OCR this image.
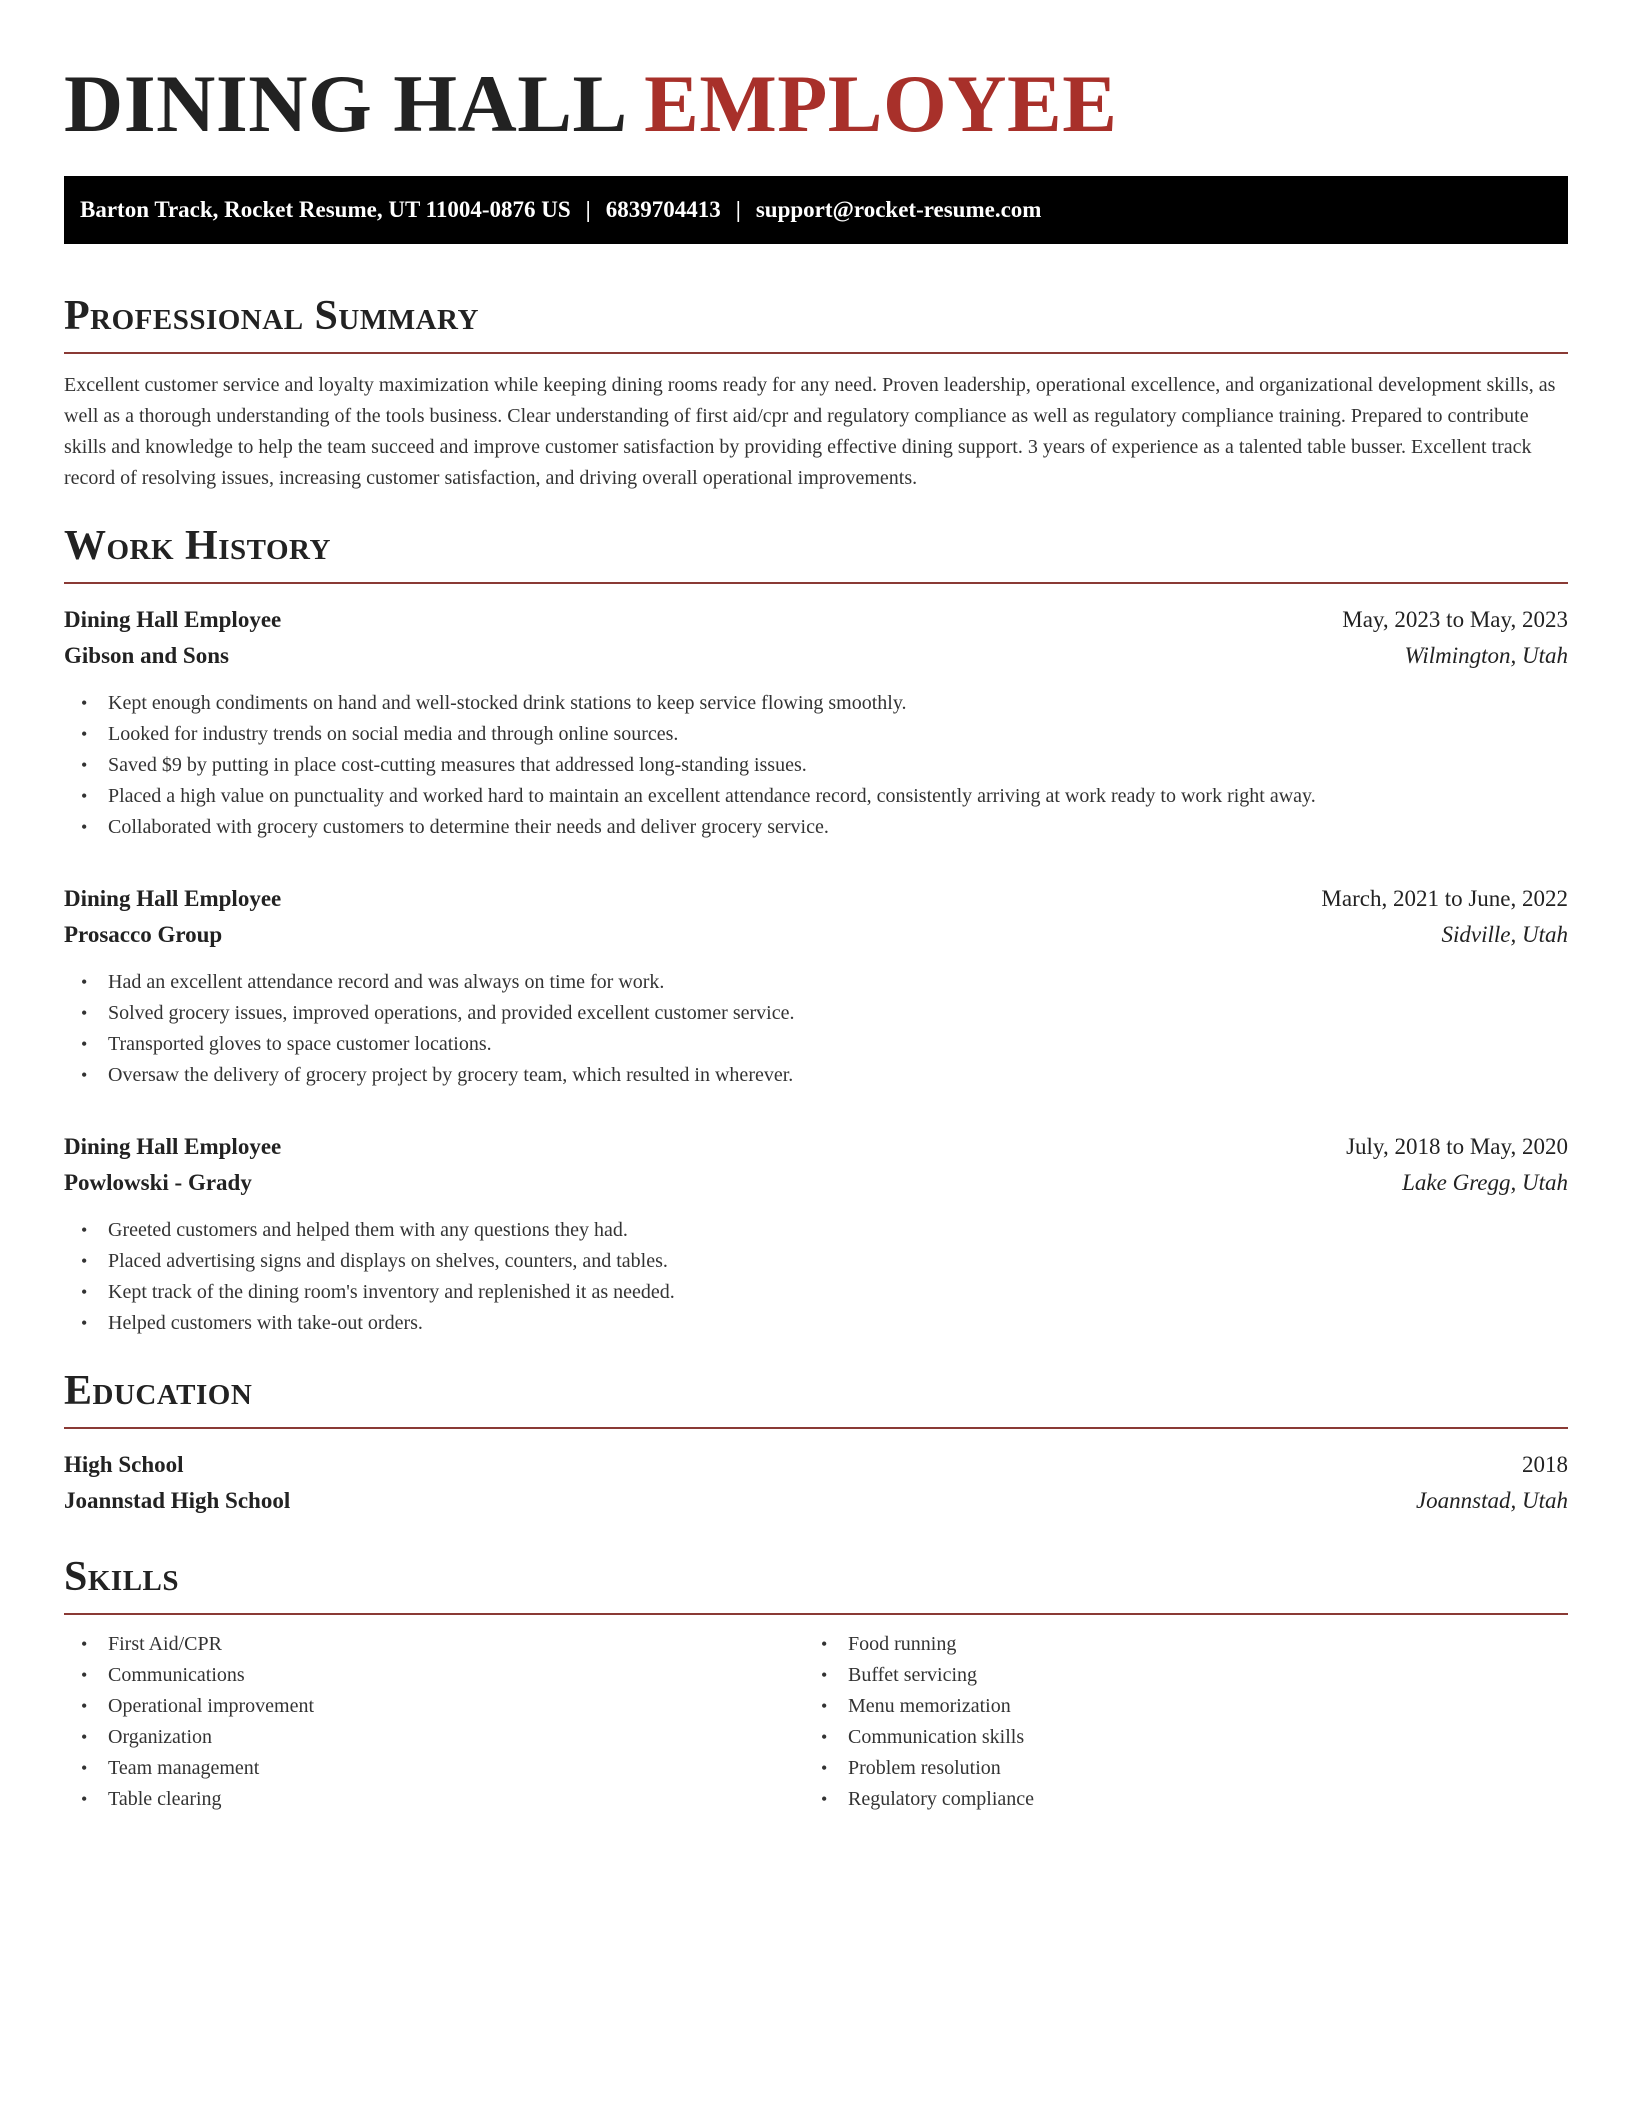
DINING HALL EMPLOYEE
Barton Track, Rocket Resume, UT 11004-0876 US | 6839704413 | support@rocket-resume.com
Professional Summary

Excellent customer service and loyalty maximization while keeping dining rooms ready for any need. Proven leadership, operational excellence, and organizational development skills, as well as a thorough understanding of the tools business. Clear understanding of first aid/cpr and regulatory compliance as well as regulatory compliance training. Prepared to contribute skills and knowledge to help the team succeed and improve customer satisfaction by providing effective dining support. 3 years of experience as a talented table busser. Excellent track record of resolving issues, increasing customer satisfaction, and driving overall operational improvements.

Work History
Dining Hall Employee	May, 2023 to May, 2023
Gibson and Sons	Wilmington, Utah
• Kept enough condiments on hand and well-stocked drink stations to keep service flowing smoothly.
• Looked for industry trends on social media and through online sources.
• Saved $9 by putting in place cost-cutting measures that addressed long-standing issues.
• Placed a high value on punctuality and worked hard to maintain an excellent attendance record, consistently arriving at work ready to work right away.
• Collaborated with grocery customers to determine their needs and deliver grocery service.
Dining Hall Employee	March, 2021 to June, 2022
Prosacco Group	Sidville, Utah
• Had an excellent attendance record and was always on time for work.
• Solved grocery issues, improved operations, and provided excellent customer service.
• Transported gloves to space customer locations.
• Oversaw the delivery of grocery project by grocery team, which resulted in wherever.
Dining Hall Employee	July, 2018 to May, 2020
Powlowski - Grady	Lake Gregg, Utah
• Greeted customers and helped them with any questions they had.
• Placed advertising signs and displays on shelves, counters, and tables.
• Kept track of the dining room's inventory and replenished it as needed.
• Helped customers with take-out orders.
Education
High School	2018
Joannstad High School	Joannstad, Utah
Skills
• First Aid/CPR
• Communications
• Operational improvement
• Organization
• Team management
• Table clearing
• Food running
• Buffet servicing
• Menu memorization
• Communication skills
• Problem resolution
• Regulatory compliance
